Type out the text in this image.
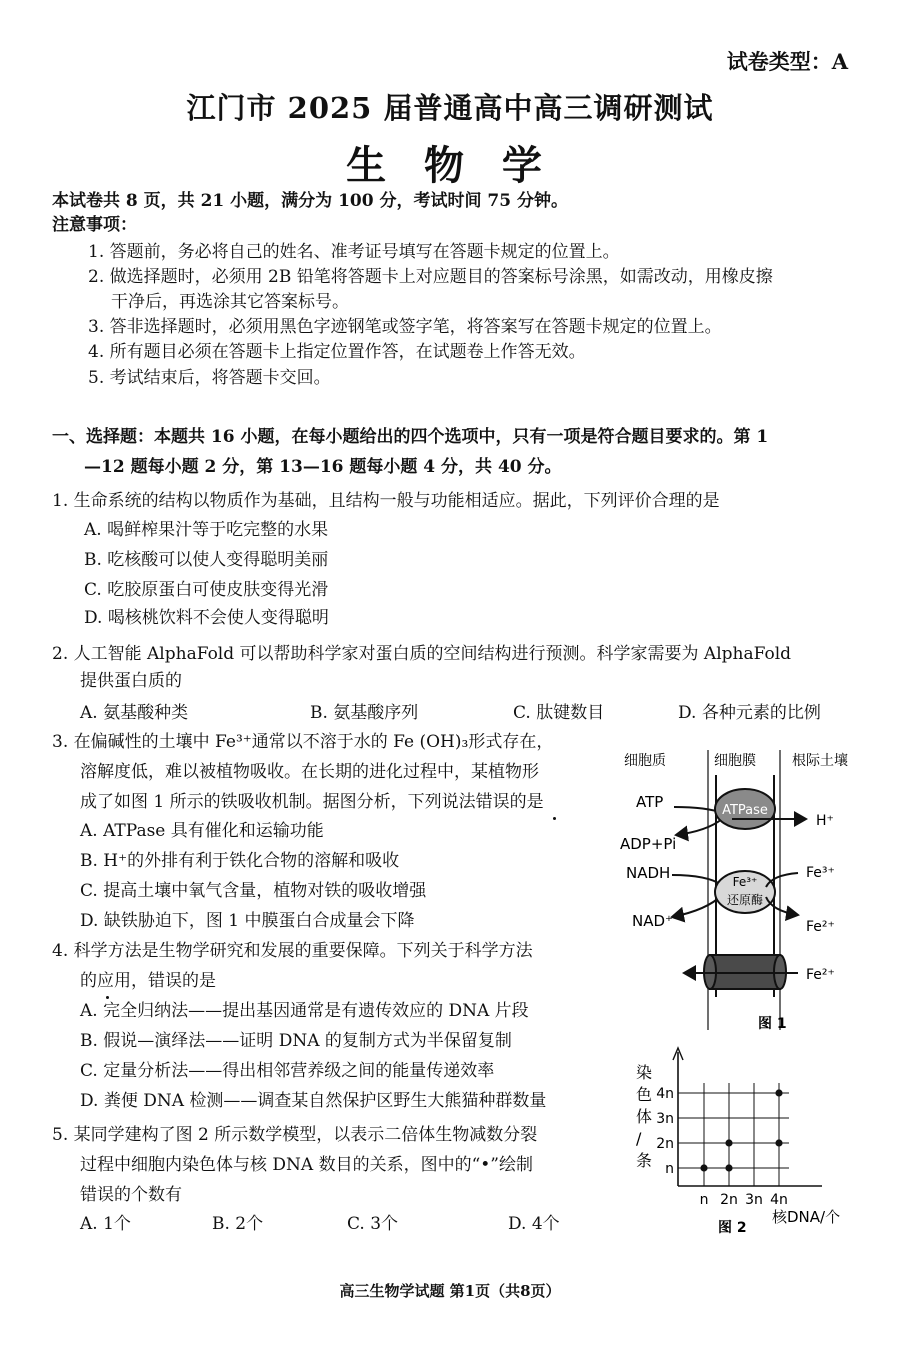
试卷类型：A
江门市 2025 届普通高中高三调研测试
生 物 学
本试卷共 8 页，共 21 小题，满分为 100 分，考试时间 75 分钟。
注意事项：
1. 答题前，务必将自己的姓名、准考证号填写在答题卡规定的位置上。
2. 做选择题时，必须用 2B 铅笔将答题卡上对应题目的答案标号涂黑，如需改动，用橡皮擦
干净后，再选涂其它答案标号。
3. 答非选择题时，必须用黑色字迹钢笔或签字笔，将答案写在答题卡规定的位置上。
4. 所有题目必须在答题卡上指定位置作答，在试题卷上作答无效。
5. 考试结束后，将答题卡交回。
一、选择题：本题共 16 小题，在每小题给出的四个选项中，只有一项是符合题目要求的。第 1
—12 题每小题 2 分，第 13—16 题每小题 4 分，共 40 分。
1. 生命系统的结构以物质作为基础，且结构一般与功能相适应。据此，下列评价合理的是
A. 喝鲜榨果汁等于吃完整的水果
B. 吃核酸可以使人变得聪明美丽
C. 吃胶原蛋白可使皮肤变得光滑
D. 喝核桃饮料不会使人变得聪明
2. 人工智能 AlphaFold 可以帮助科学家对蛋白质的空间结构进行预测。科学家需要为 AlphaFold
提供蛋白质的
A. 氨基酸种类	B. 氨基酸序列	C. 肽键数目	D. 各种元素的比例
3. 在偏碱性的土壤中 Fe³⁺通常以不溶于水的 Fe (OH)₃形式存在，
溶解度低，难以被植物吸收。在长期的进化过程中，某植物形
成了如图 1 所示的铁吸收机制。据图分析，下列说法错误的是
A. ATPase 具有催化和运输功能
B. H⁺的外排有利于铁化合物的溶解和吸收
C. 提高土壤中氧气含量，植物对铁的吸收增强
D. 缺铁胁迫下，图 1 中膜蛋白合成量会下降
4. 科学方法是生物学研究和发展的重要保障。下列关于科学方法
的应用，错误的是
A. 完全归纳法——提出基因通常是有遗传效应的 DNA 片段
B. 假说—演绎法——证明 DNA 的复制方式为半保留复制
C. 定量分析法——得出相邻营养级之间的能量传递效率
D. 粪便 DNA 检测——调查某自然保护区野生大熊猫种群数量
5. 某同学建构了图 2 所示数学模型，以表示二倍体生物减数分裂
过程中细胞内染色体与核 DNA 数目的关系，图中的“•”绘制
错误的个数有
A. 1个	B. 2个	C. 3个	D. 4个
细胞质	细胞膜	根际土壤
ATPase
ATP
ADP+Pi
H⁺
Fe³⁺
还原酶
NADH
NAD⁺
Fe³⁺
Fe²⁺
Fe²⁺
图 1
n
2n
3n
4n
n 2n 3n 4n
核DNA/个
图 2
染
色
体
/
条
高三生物学试题 第1页（共8页）
